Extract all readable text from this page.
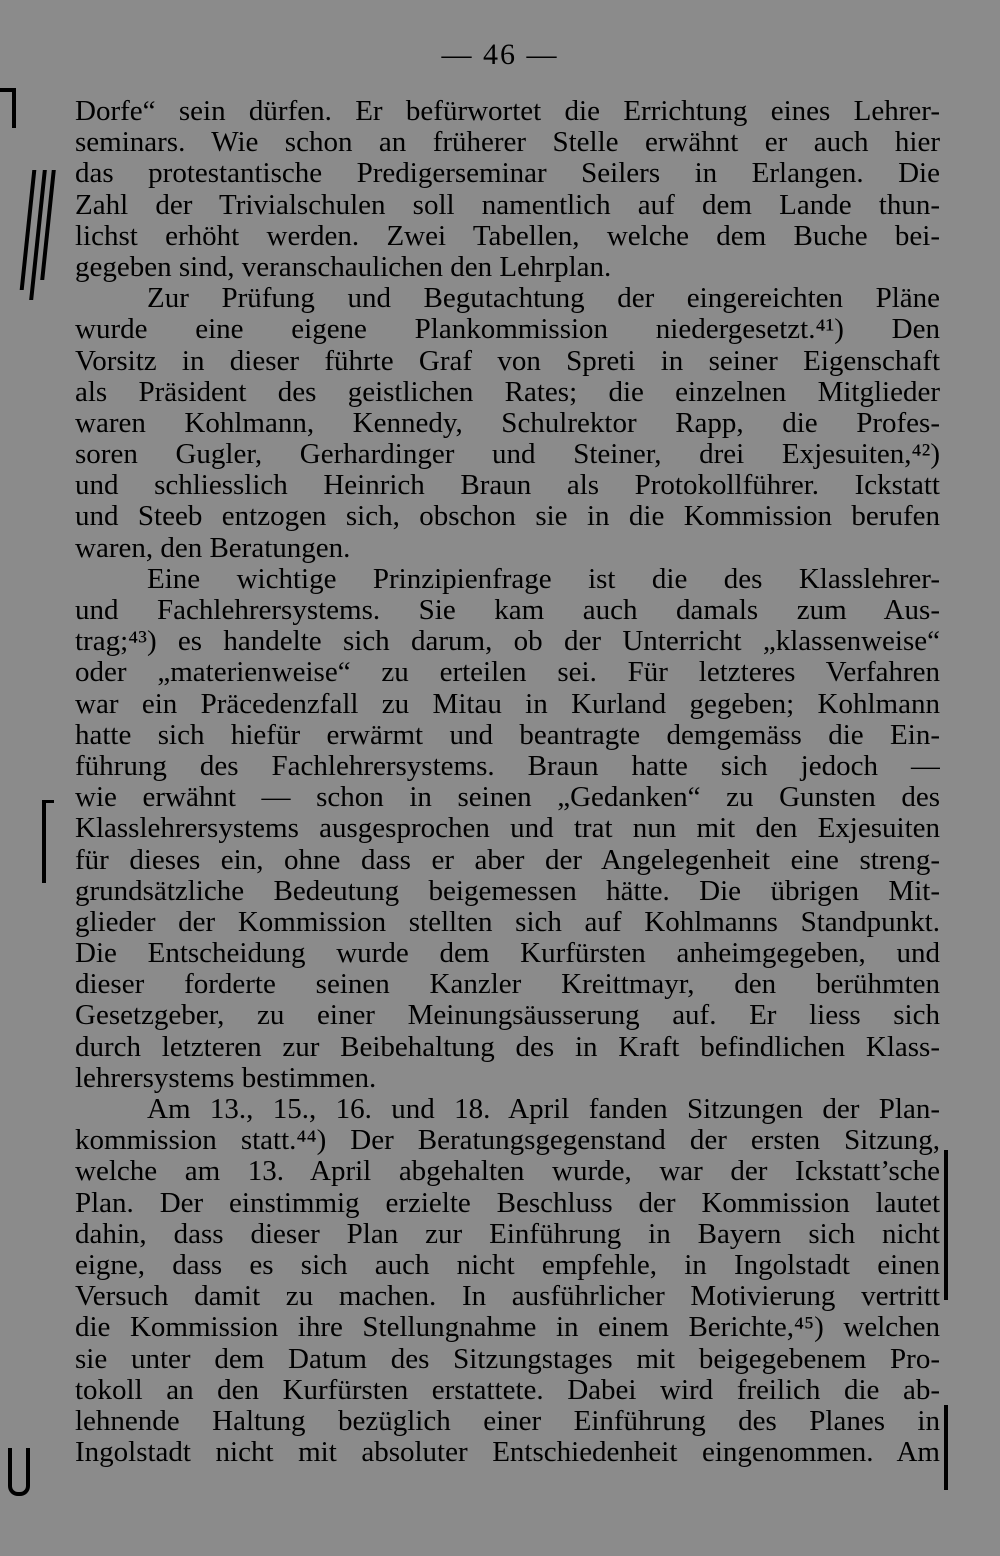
— 46 —
Dorfe“ sein dürfen. Er befürwortet die Errichtung eines Lehrer-
seminars. Wie schon an früherer Stelle erwähnt er auch hier
das protestantische Predigerseminar Seilers in Erlangen. Die
Zahl der Trivialschulen soll namentlich auf dem Lande thun-
lichst erhöht werden. Zwei Tabellen, welche dem Buche bei-
gegeben sind, veranschaulichen den Lehrplan.
Zur Prüfung und Begutachtung der eingereichten Pläne
wurde eine eigene Plankommission niedergesetzt.⁴¹) Den
Vorsitz in dieser führte Graf von Spreti in seiner Eigenschaft
als Präsident des geistlichen Rates; die einzelnen Mitglieder
waren Kohlmann, Kennedy, Schulrektor Rapp, die Profes-
soren Gugler, Gerhardinger und Steiner, drei Exjesuiten,⁴²)
und schliesslich Heinrich Braun als Protokollführer. Ickstatt
und Steeb entzogen sich, obschon sie in die Kommission berufen
waren, den Beratungen.
Eine wichtige Prinzipienfrage ist die des Klasslehrer-
und Fachlehrersystems. Sie kam auch damals zum Aus-
trag;⁴³) es handelte sich darum, ob der Unterricht „klassenweise“
oder „materienweise“ zu erteilen sei. Für letzteres Verfahren
war ein Präcedenzfall zu Mitau in Kurland gegeben; Kohlmann
hatte sich hiefür erwärmt und beantragte demgemäss die Ein-
führung des Fachlehrersystems. Braun hatte sich jedoch —
wie erwähnt — schon in seinen „Gedanken“ zu Gunsten des
Klasslehrersystems ausgesprochen und trat nun mit den Exjesuiten
für dieses ein, ohne dass er aber der Angelegenheit eine streng-
grundsätzliche Bedeutung beigemessen hätte. Die übrigen Mit-
glieder der Kommission stellten sich auf Kohlmanns Standpunkt.
Die Entscheidung wurde dem Kurfürsten anheimgegeben, und
dieser forderte seinen Kanzler Kreittmayr, den berühmten
Gesetzgeber, zu einer Meinungsäusserung auf. Er liess sich
durch letzteren zur Beibehaltung des in Kraft befindlichen Klass-
lehrersystems bestimmen.
Am 13., 15., 16. und 18. April fanden Sitzungen der Plan-
kommission statt.⁴⁴) Der Beratungsgegenstand der ersten Sitzung,
welche am 13. April abgehalten wurde, war der Ickstatt’sche
Plan. Der einstimmig erzielte Beschluss der Kommission lautet
dahin, dass dieser Plan zur Einführung in Bayern sich nicht
eigne, dass es sich auch nicht empfehle, in Ingolstadt einen
Versuch damit zu machen. In ausführlicher Motivierung vertritt
die Kommission ihre Stellungnahme in einem Berichte,⁴⁵) welchen
sie unter dem Datum des Sitzungstages mit beigegebenem Pro-
tokoll an den Kurfürsten erstattete. Dabei wird freilich die ab-
lehnende Haltung bezüglich einer Einführung des Planes in
Ingolstadt nicht mit absoluter Entschiedenheit eingenommen. Am
